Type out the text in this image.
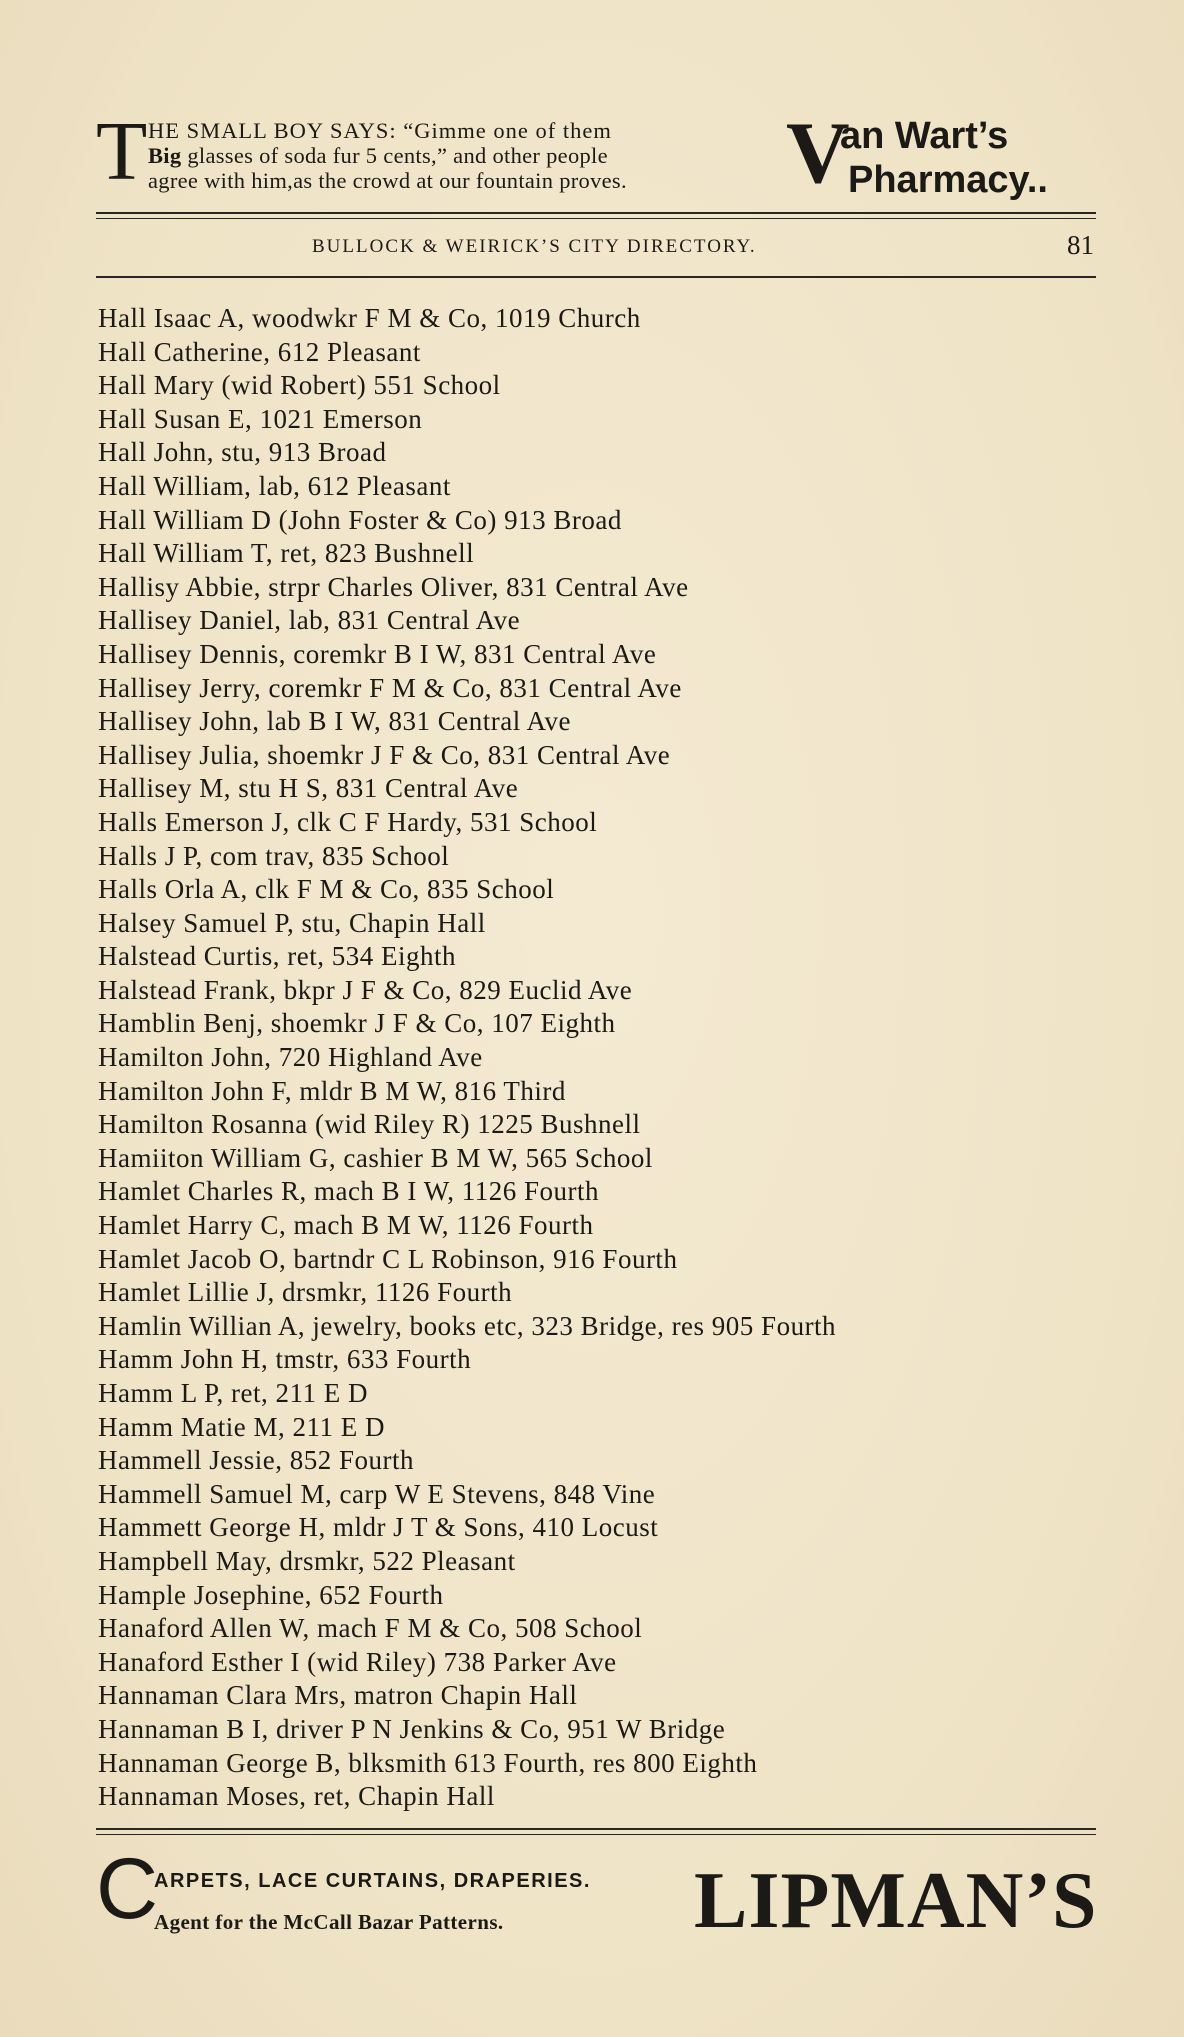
T HE SMALL BOY SAYS: “Gimme one of them
Big glasses of soda fur 5 cents,” and other people
agree with him,as the crowd at our fountain proves.	V
an Wart’s
Pharmacy..
BULLOCK & WEIRICK’S CITY DIRECTORY.	81
Hall Isaac A, woodwkr F M & Co, 1019 Church
Hall Catherine, 612 Pleasant
Hall Mary (wid Robert) 551 School
Hall Susan E, 1021 Emerson
Hall John, stu, 913 Broad
Hall William, lab, 612 Pleasant
Hall William D (John Foster & Co) 913 Broad
Hall William T, ret, 823 Bushnell
Hallisy Abbie, strpr Charles Oliver, 831 Central Ave
Hallisey Daniel, lab, 831 Central Ave
Hallisey Dennis, coremkr B I W, 831 Central Ave
Hallisey Jerry, coremkr F M & Co, 831 Central Ave
Hallisey John, lab B I W, 831 Central Ave
Hallisey Julia, shoemkr J F & Co, 831 Central Ave
Hallisey M, stu H S, 831 Central Ave
Halls Emerson J, clk C F Hardy, 531 School
Halls J P, com trav, 835 School
Halls Orla A, clk F M & Co, 835 School
Halsey Samuel P, stu, Chapin Hall
Halstead Curtis, ret, 534 Eighth
Halstead Frank, bkpr J F & Co, 829 Euclid Ave
Hamblin Benj, shoemkr J F & Co, 107 Eighth
Hamilton John, 720 Highland Ave
Hamilton John F, mldr B M W, 816 Third
Hamilton Rosanna (wid Riley R) 1225 Bushnell
Hamiiton William G, cashier B M W, 565 School
Hamlet Charles R, mach B I W, 1126 Fourth
Hamlet Harry C, mach B M W, 1126 Fourth
Hamlet Jacob O, bartndr C L Robinson, 916 Fourth
Hamlet Lillie J, drsmkr, 1126 Fourth
Hamlin Willian A, jewelry, books etc, 323 Bridge, res 905 Fourth
Hamm John H, tmstr, 633 Fourth
Hamm L P, ret, 211 E D
Hamm Matie M, 211 E D
Hammell Jessie, 852 Fourth
Hammell Samuel M, carp W E Stevens, 848 Vine
Hammett George H, mldr J T & Sons, 410 Locust
Hampbell May, drsmkr, 522 Pleasant
Hample Josephine, 652 Fourth
Hanaford Allen W, mach F M & Co, 508 School
Hanaford Esther I (wid Riley) 738 Parker Ave
Hannaman Clara Mrs, matron Chapin Hall
Hannaman B I, driver P N Jenkins & Co, 951 W Bridge
Hannaman George B, blksmith 613 Fourth, res 800 Eighth
Hannaman Moses, ret, Chapin Hall
C
ARPETS, LACE CURTAINS, DRAPERIES.
Agent for the McCall Bazar Patterns. LIPMAN’S
